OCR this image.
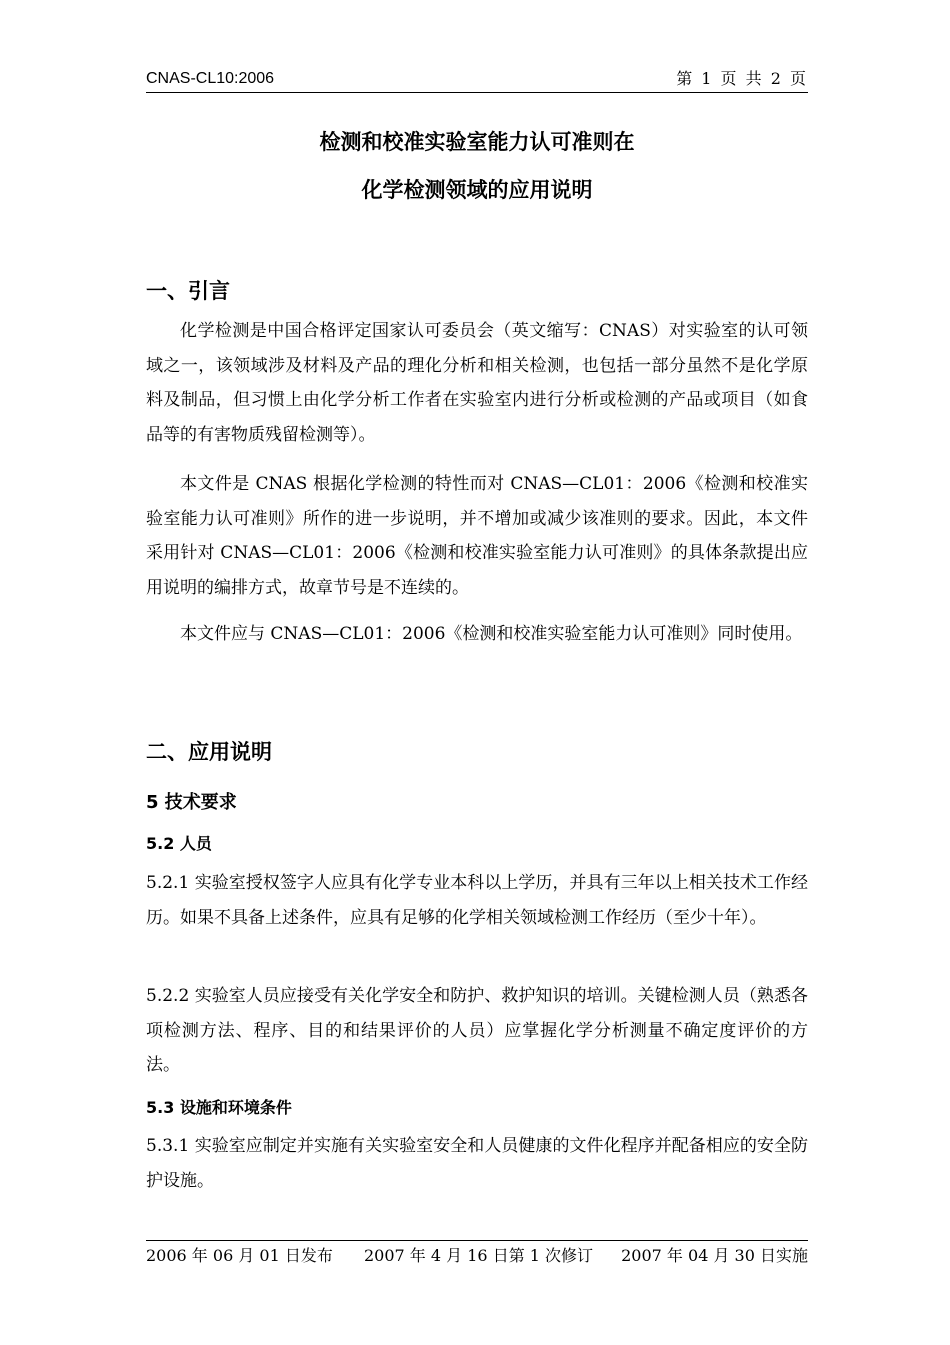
CNAS-CL10:2006	第 1 页 共 2 页
检测和校准实验室能力认可准则在
化学检测领域的应用说明
一、引言
化学检测是中国合格评定国家认可委员会（英文缩写：CNAS）对实验室的认可领域之一，该领域涉及材料及产品的理化分析和相关检测，也包括一部分虽然不是化学原料及制品，但习惯上由化学分析工作者在实验室内进行分析或检测的产品或项目（如食品等的有害物质残留检测等）。
本文件是 CNAS 根据化学检测的特性而对 CNAS—CL01：2006《检测和校准实验室能力认可准则》所作的进一步说明，并不增加或减少该准则的要求。因此，本文件采用针对 CNAS—CL01：2006《检测和校准实验室能力认可准则》的具体条款提出应用说明的编排方式，故章节号是不连续的。
本文件应与 CNAS—CL01：2006《检测和校准实验室能力认可准则》同时使用。
二、应用说明
5 技术要求
5.2 人员
5.2.1 实验室授权签字人应具有化学专业本科以上学历，并具有三年以上相关技术工作经历。如果不具备上述条件，应具有足够的化学相关领域检测工作经历（至少十年）。
5.2.2 实验室人员应接受有关化学安全和防护、救护知识的培训。关键检测人员（熟悉各项检测方法、程序、目的和结果评价的人员）应掌握化学分析测量不确定度评价的方法。
5.3 设施和环境条件
5.3.1 实验室应制定并实施有关实验室安全和人员健康的文件化程序并配备相应的安全防护设施。
2006 年 06 月 01 日发布 2007 年 4 月 16 日第 1 次修订 2007 年 04 月 30 日实施
